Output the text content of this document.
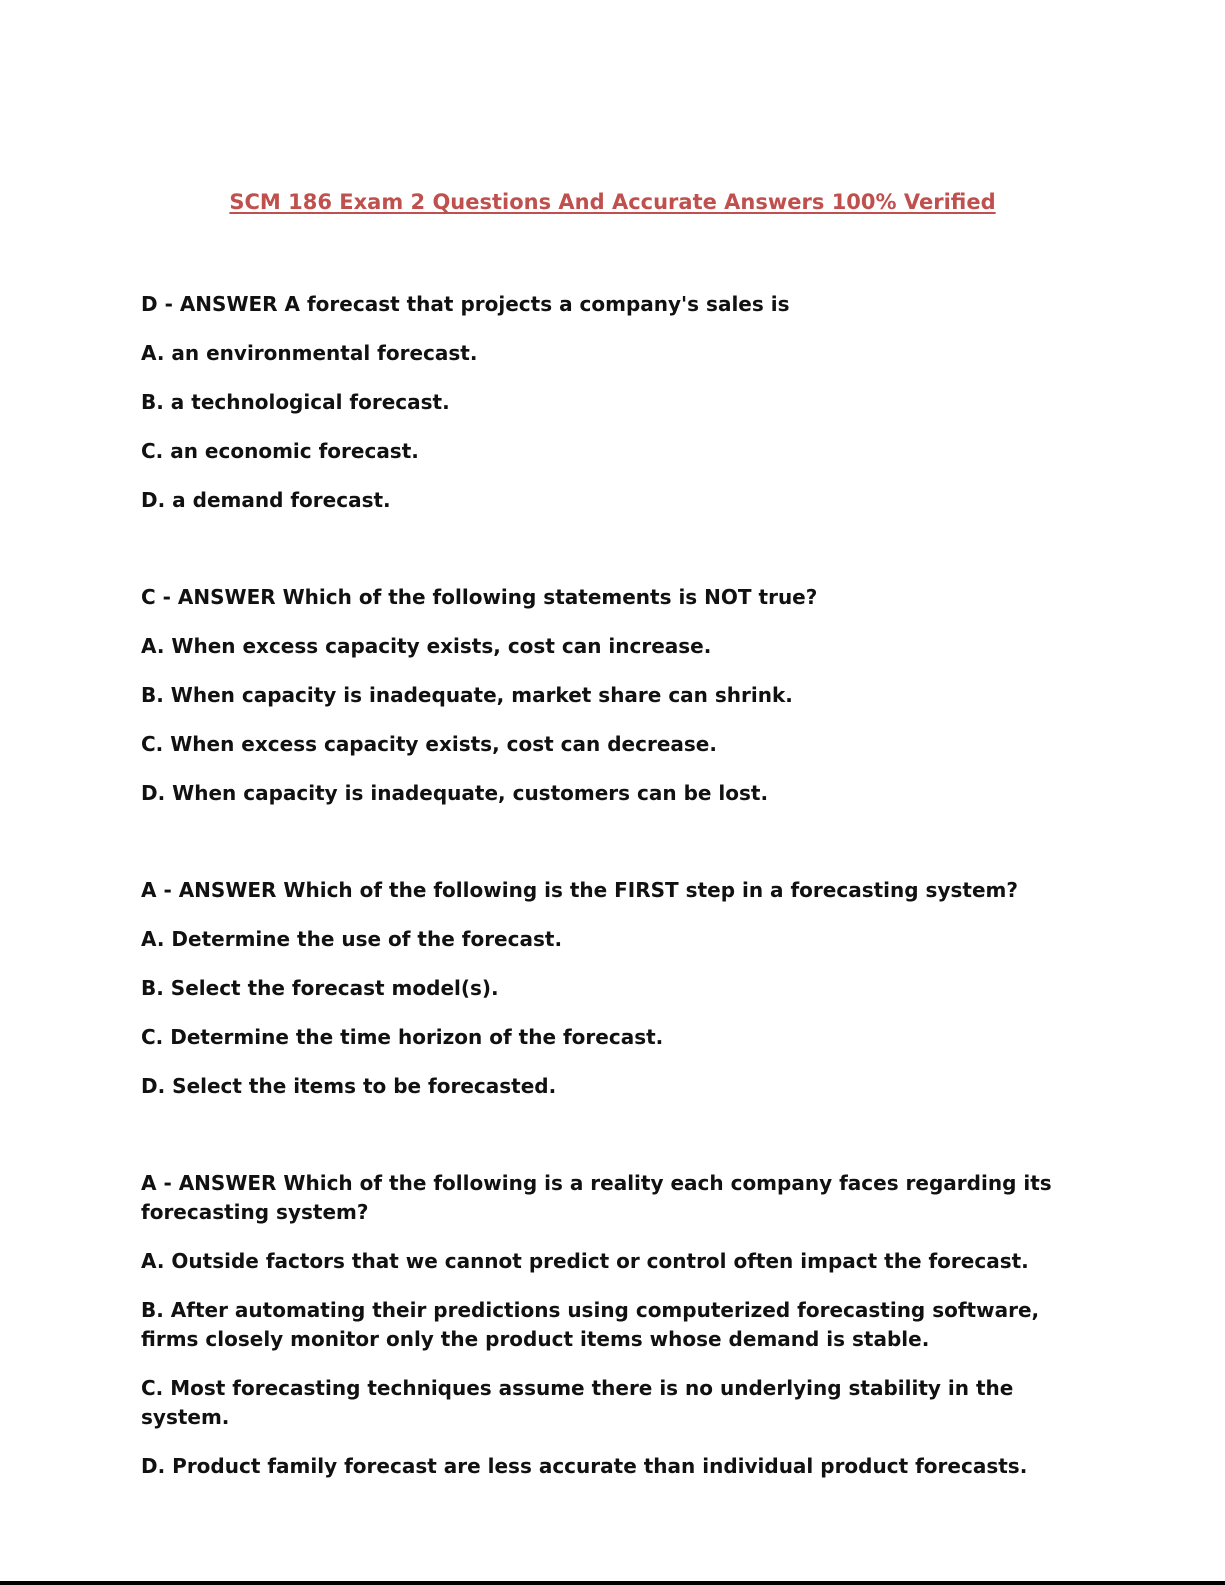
SCM 186 Exam 2 Questions And Accurate Answers 100% Verified

D - ANSWER A forecast that projects a company's sales is

A. an environmental forecast.

B. a technological forecast.

C. an economic forecast.

D. a demand forecast.

C - ANSWER Which of the following statements is NOT true?

A. When excess capacity exists, cost can increase.

B. When capacity is inadequate, market share can shrink.

C. When excess capacity exists, cost can decrease.

D. When capacity is inadequate, customers can be lost.

A - ANSWER Which of the following is the FIRST step in a forecasting system?

A. Determine the use of the forecast.

B. Select the forecast model(s).

C. Determine the time horizon of the forecast.

D. Select the items to be forecasted.

A - ANSWER Which of the following is a reality each company faces regarding its forecasting system?

A. Outside factors that we cannot predict or control often impact the forecast.

B. After automating their predictions using computerized forecasting software, firms closely monitor only the product items whose demand is stable.

C. Most forecasting techniques assume there is no underlying stability in the system.

D. Product family forecast are less accurate than individual product forecasts.
